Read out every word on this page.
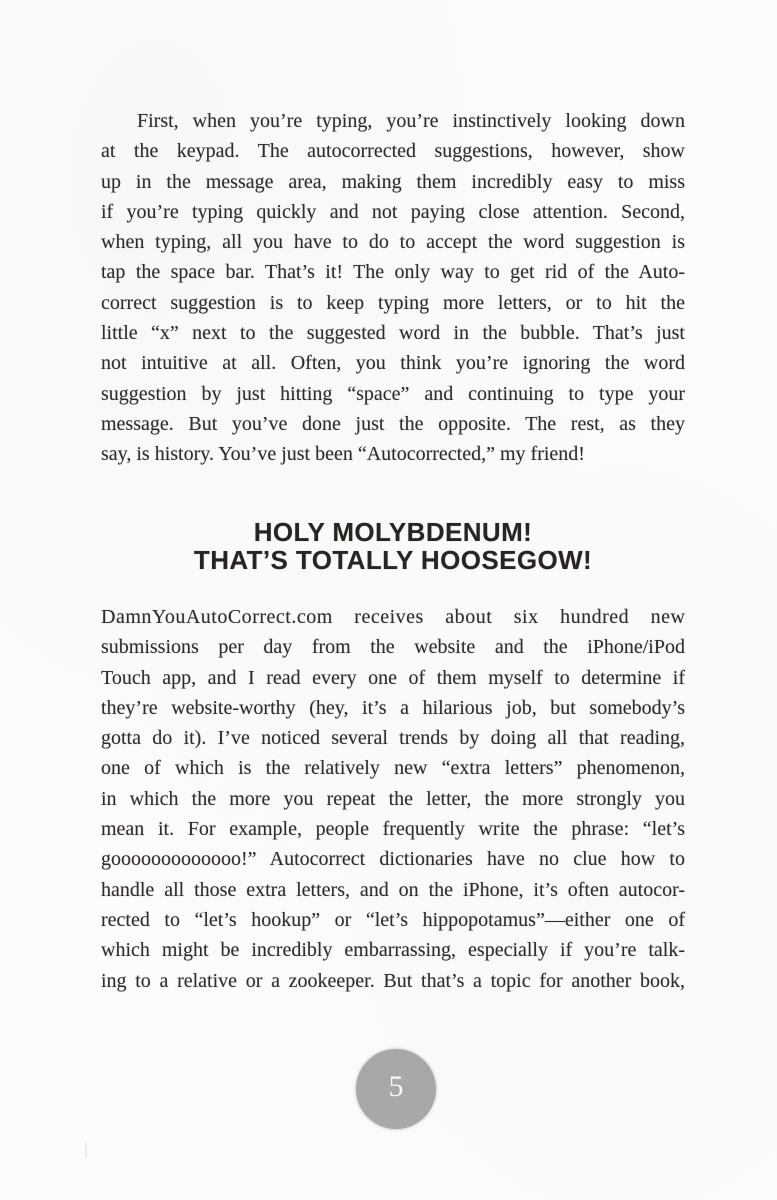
First, when you’re typing, you’re instinctively looking down
at the keypad. The autocorrected suggestions, however, show
up in the message area, making them incredibly easy to miss
if you’re typing quickly and not paying close attention. Second,
when typing, all you have to do to accept the word suggestion is
tap the space bar. That’s it! The only way to get rid of the Auto-
correct suggestion is to keep typing more letters, or to hit the
little “x” next to the suggested word in the bubble. That’s just
not intuitive at all. Often, you think you’re ignoring the word
suggestion by just hitting “space” and continuing to type your
message. But you’ve done just the opposite. The rest, as they
say, is history. You’ve just been “Autocorrected,” my friend!
HOLY MOLYBDENUM!
THAT’S TOTALLY HOOSEGOW!
DamnYouAutoCorrect.com receives about six hundred new
submissions per day from the website and the iPhone/iPod
Touch app, and I read every one of them myself to determine if
they’re website-worthy (hey, it’s a hilarious job, but somebody’s
gotta do it). I’ve noticed several trends by doing all that reading,
one of which is the relatively new “extra letters” phenomenon,
in which the more you repeat the letter, the more strongly you
mean it. For example, people frequently write the phrase: “let’s
gooooooooooooo!” Autocorrect dictionaries have no clue how to
handle all those extra letters, and on the iPhone, it’s often autocor-
rected to “let’s hookup” or “let’s hippopotamus”—either one of
which might be incredibly embarrassing, especially if you’re talk-
ing to a relative or a zookeeper. But that’s a topic for another book,
5
